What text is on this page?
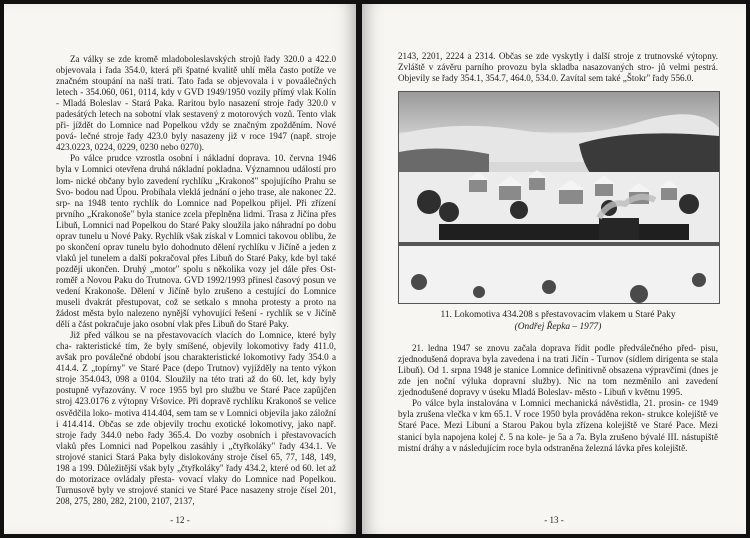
Za války se zde kromě mladoboleslavských strojů řady 320.0 a 422.0 objevovala i řada 354.0, která při špatné kvalitě uhlí měla často potíže ve značném stoupání na naší trati. Tato řada se objevovala i v povaálečných letech - 354.060, 061, 0114, kdy v GVD 1949/1950 vozily přímý vlak Kolín - Mladá Boleslav - Stará Paka. Raritou bylo nasazení stroje řady 320.0 v padesátých letech na sobotní vlak sestavený z motorových vozů. Tento vlak při- jíždět do Lomnice nad Popelkou vždy se značným zpožděním. Nové pová- lečné stroje řady 423.0 byly nasazeny již v roce 1947 (např. stroje 423.0223, 0224, 0229, 0230 nebo 0270).

Po válce prudce vzrostla osobní i nákladní doprava. 10. června 1946 byla v Lomnici otevřena druhá nákladní pokladna. Významnou událostí pro lom- nické občany bylo zavedení rychlíku „Krakonoš" spojujícího Prahu se Svo- bodou nad Úpou. Probíhala vleklá jednání o jeho trase, ale nakonec 22. srp- na 1948 tento rychlík do Lomnice nad Popelkou přijel. Při zřízení prvního „Krakonoše" byla stanice zcela přeplněna lidmi. Trasa z Jičína přes Libuň, Lomnici nad Popelkou do Staré Paky sloužila jako náhradní po dobu oprav tunelu u Nové Paky. Rychlík však získal v Lomnici takovou oblibu, že po skončení oprav tunelu bylo dohodnuto dělení rychlíku v Jičíně a jeden z vlaků jel tunelem a další pokračoval přes Libuň do Staré Paky, kde byl také později ukončen. Druhý „motor" spolu s několika vozy jel dále přes Ost- roměř a Novou Paku do Trutnova. GVD 1992/1993 přinesl časový posun ve vedení Krakonoše. Dělení v Jičíně bylo zrušeno a cestující do Lomnice museli dvakrát přestupovat, což se setkalo s mnoha protesty a proto na žádost města bylo nalezeno nynější vyhovující řešení - rychlík se v Jičíně dělí a část pokračuje jako osobní vlak přes Libuň do Staré Paky.

Již před válkou se na přestavovacích vlacích do Lomnice, které byly cha- rakteristické tím, že byly smíšené, objevily lokomotivy řady 411.0, avšak pro poválečné období jsou charakteristické lokomotivy řady 354.0 a 414.4. Z „topírny" ve Staré Pace (depo Trutnov) vyjížděly na tento výkon stroje 354.043, 098 a 0104. Sloužily na této trati až do 60. let, kdy byly postupně vyřazovány. V roce 1955 byl pro službu ve Staré Pace zapůjčen stroj 423.0176 z výtopny Vršovice. Při dopravě rychlíku Krakonoš se velice osvědčila loko- motiva 414.404, sem tam se v Lomnici objevila jako záložní i 414.414. Občas se zde objevily trochu exotické lokomotivy, jako např. stroje řady 344.0 nebo řady 365.4. Do vozby osobních i přestavovacích vlaků přes Lomnici nad Popelkou zasáhly i „čtyřkoláky" řady 434.1. Ve strojové stanici Stará Paka byly dislokovány stroje čísel 65, 77, 148, 149, 198 a 199. Důležitější však byly „čtyřkoláky" řady 434.2, které od 60. let až do motorizace ovládaly přesta- vovací vlaky do Lomnice nad Popelkou. Turnusově byly ve strojové stanici ve Staré Pace nasazeny stroje čísel 201, 208, 275, 280, 282, 2100, 2107, 2137,

- 12 -

2143, 2201, 2224 a 2314. Občas se zde vyskytly i další stroje z trutnovské výtopny. Zvláště v závěru parního provozu byla skladba nasazovaných stro- jů velmi pestrá. Objevily se řady 354.1, 354.7, 464.0, 534.0. Zavítal sem také „Štokr" řady 556.0.

11. Lokomotiva 434.208 s přestavovacím vlakem u Staré Paky
(Ondřej Řepka – 1977)

21. ledna 1947 se znovu začala doprava řídit podle předválečného před- pisu, zjednodušená doprava byla zavedena i na trati Jičín - Turnov (sídlem dirigenta se stala Libuň). Od 1. srpna 1948 je stanice Lomnice definitivně obsazena výpravčími (dnes je zde jen noční výluka dopravní služby). Nic na tom nezměnilo ani zavedení zjednodušené dopravy v úseku Mladá Boleslav- město - Libuň v květnu 1995.

Po válce byla instalována v Lomnici mechanická návěstidla, 21. prosin- ce 1949 byla zrušena vlečka v km 65.1. V roce 1950 byla prováděna rekon- strukce kolejiště ve Staré Pace. Mezi Libuní a Starou Pakou byla zřízena kolejiště ve Staré Pace. Mezi stanicí byla napojena kolej č. 5 na kole- je 5a a 7a. Byla zrušeno bývalé III. nástupiště mistní dráhy a v následujícím roce byla odstraněna železná lávka přes kolejiště.

- 13 -
